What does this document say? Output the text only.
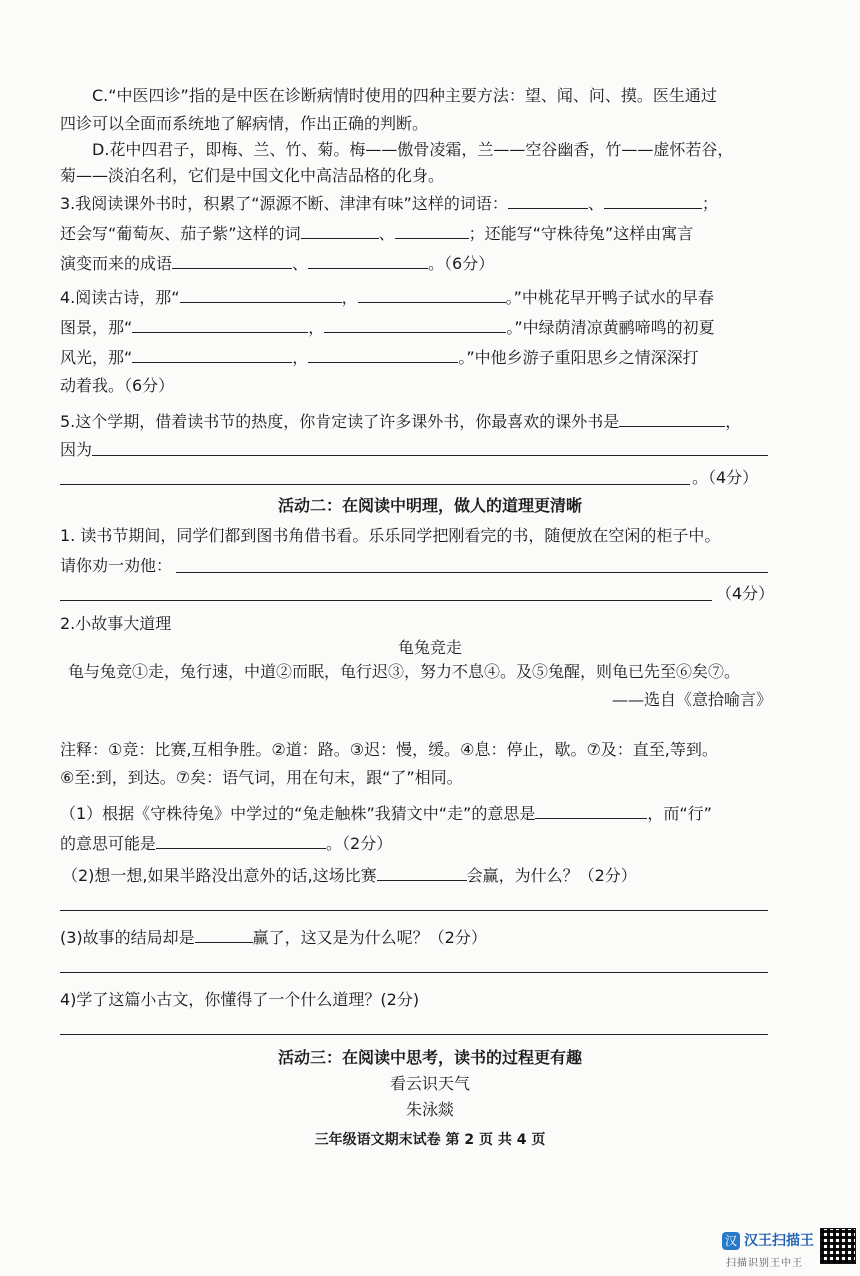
C.“中医四诊”指的是中医在诊断病情时使用的四种主要方法：望、闻、问、摸。医生通过
四诊可以全面而系统地了解病情，作出正确的判断。
D.花中四君子，即梅、兰、竹、菊。梅——傲骨凌霜，兰——空谷幽香，竹——虚怀若谷，
菊——淡泊名利，它们是中国文化中高洁品格的化身。
3.我阅读课外书时，积累了“源源不断、津津有味”这样的词语：	、	；
还会写“葡萄灰、茄子紫”这样的词	、	；还能写“守株待兔”这样由寓言
演变而来的成语	、	。（6分）
4.阅读古诗，那“	，	。”中桃花早开鸭子试水的早春
图景，那“	，	。”中绿荫清凉黄鹂啼鸣的初夏
风光，那“	，	。”中他乡游子重阳思乡之情深深打
动着我。（6分）
5.这个学期，借着读书节的热度，你肯定读了许多课外书，你最喜欢的课外书是	，
因为
。（4分）
活动二：在阅读中明理，做人的道理更清晰
1. 读书节期间，同学们都到图书角借书看。乐乐同学把刚看完的书，随便放在空闲的柜子中。
请你劝一劝他：
（4分）
2.小故事大道理
龟兔竞走
龟与兔竞①走，兔行速，中道②而眠，龟行迟③，努力不息④。及⑤兔醒，则龟已先至⑥矣⑦。
——选自《意拾喻言》
注释：①竞：比赛,互相争胜。②道：路。③迟：慢，缓。④息：停止，歇。⑦及：直至,等到。
⑥至:到，到达。⑦矣：语气词，用在句末，跟“了”相同。
（1）根据《守株待兔》中学过的“兔走触株”我猜文中“走”的意思是	，而“行”
的意思可能是	。（2分）
（2)想一想,如果半路没出意外的话,这场比赛	会赢，为什么？（2分）
(3)故事的结局却是	赢了，这又是为什么呢？（2分）
4)学了这篇小古文，你懂得了一个什么道理？(2分)
活动三：在阅读中思考，读书的过程更有趣
看云识天气
朱泳燚
三年级语文期末试卷 第 2 页 共 4 页
汉 汉王扫描王
扫描识别王中王
